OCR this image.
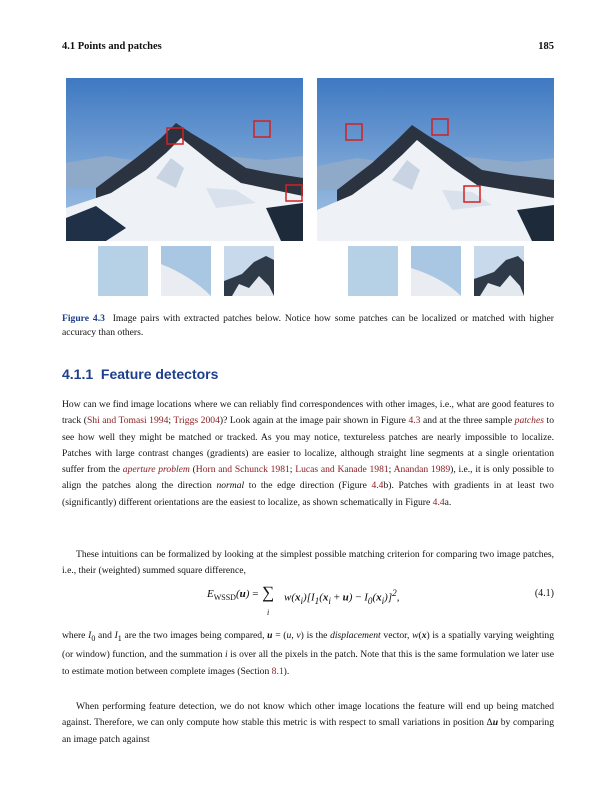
4.1 Points and patches	185
Figure 4.3 Image pairs with extracted patches below. Notice how some patches can be localized or matched with higher accuracy than others.
4.1.1 Feature detectors

How can we find image locations where we can reliably find correspondences with other images, i.e., what are good features to track (Shi and Tomasi 1994; Triggs 2004)? Look again at the image pair shown in Figure 4.3 and at the three sample patches to see how well they might be matched or tracked. As you may notice, textureless patches are nearly impossible to localize. Patches with large contrast changes (gradients) are easier to localize, although straight line segments at a single orientation suffer from the aperture problem (Horn and Schunck 1981; Lucas and Kanade 1981; Anandan 1989), i.e., it is only possible to align the patches along the direction normal to the edge direction (Figure 4.4b). Patches with gradients in at least two (significantly) different orientations are the easiest to localize, as shown schematically in Figure 4.4a.

These intuitions can be formalized by looking at the simplest possible matching criterion for comparing two image patches, i.e., their (weighted) summed square difference,

$E_{WSSD}(u)$ = ∑
i
$w(x_i)[I_1(x_i + u) - I_0(x_i)]^2$,	(4.1)

where $I_0$ and $I_1$ are the two images being compared, u = (u, v) is the displacement vector, w(x) is a spatially varying weighting (or window) function, and the summation i is over all the pixels in the patch. Note that this is the same formulation we later use to estimate motion between complete images (Section 8.1).

When performing feature detection, we do not know which other image locations the feature will end up being matched against. Therefore, we can only compute how stable this metric is with respect to small variations in position Δu by comparing an image patch against
